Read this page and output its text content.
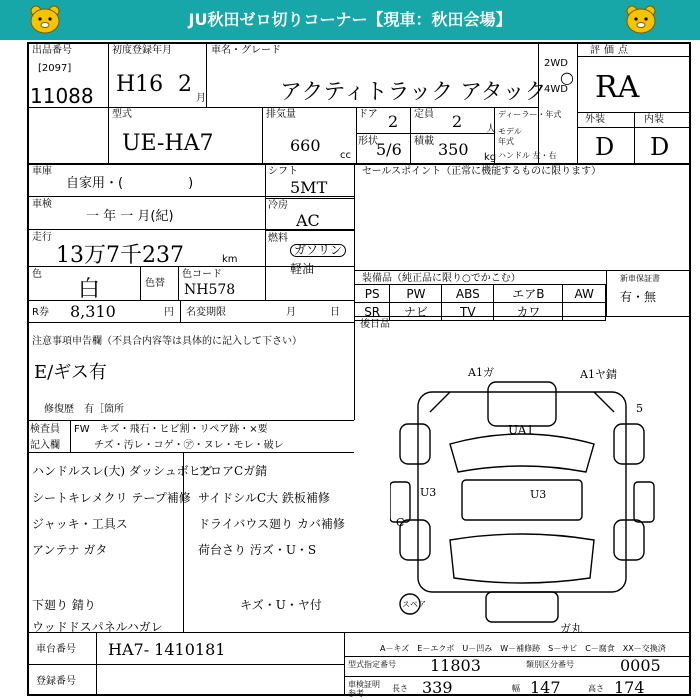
JU秋田ゼロ切りコーナー【現車：秋田会場】
出品番号
[2097]
11088
初度登録年月
H16 2
月
車名・グレード
アクティトラック アタック
2WD
4WD
○
評価点
RA
外装	内装
D D
型式
UE-HA7
排気量
660
cc
ドア 2 定員 2 人
形状
5/6 積載 350 kg
ディーラー・年式
モデル
年式
ハンドル 左・右
車庫
自家用・(　　　　　)
車検
一 年 一 月(紀)
走行
13万7千237	km
色
白	色替
色コード
NH578
シフト
5MT
冷房
AC
燃料
ガソリン
軽油
セールスポイント（正常に機能するものに限ります）
装備品（純正品に限り○でかこむ）	新車保証書
有・無
PS	PW	ABS	エアB	AW
SR	ナビ	TV	カワ	
後日品
R券 8,310	円 名変期限	月	日
注意事項申告欄（不具合内容等は具体的に記入して下さい）
E/ギス有
修復歴　有［箇所
検査員
記入欄
FW　キズ・飛石・ヒビ割・リペア跡・×要
　　チズ・汚レ・コゲ・㋐・ヌレ・モレ・破レ
ハンドルスレ(大) ダッシュボヒビ
シートキレメクリ テープ補修
ジャッキ・工具ス
アンテナ ガタ
下廻り 錆り
ウッドドスパネルハガレ
フロアCガ錆
サイドシルC大 鉄板補修
ドライバウス廻り カバ補修
荷台さり 汚ズ・U・S
キズ・U・ヤ付
A1ガ	A1ヤ錆
UA1
U3	U3
C
5
スペア
ガ丸
車台番号 HA7- 1410181
登録番号
A－キズ　E－エクボ　U－凹み　W－補修跡　S－サビ　C－腐食　XX－交換済
型式指定番号 11803	類別区分番号	0005
車検証明
参考
長さ 339	幅 147	高さ 174
